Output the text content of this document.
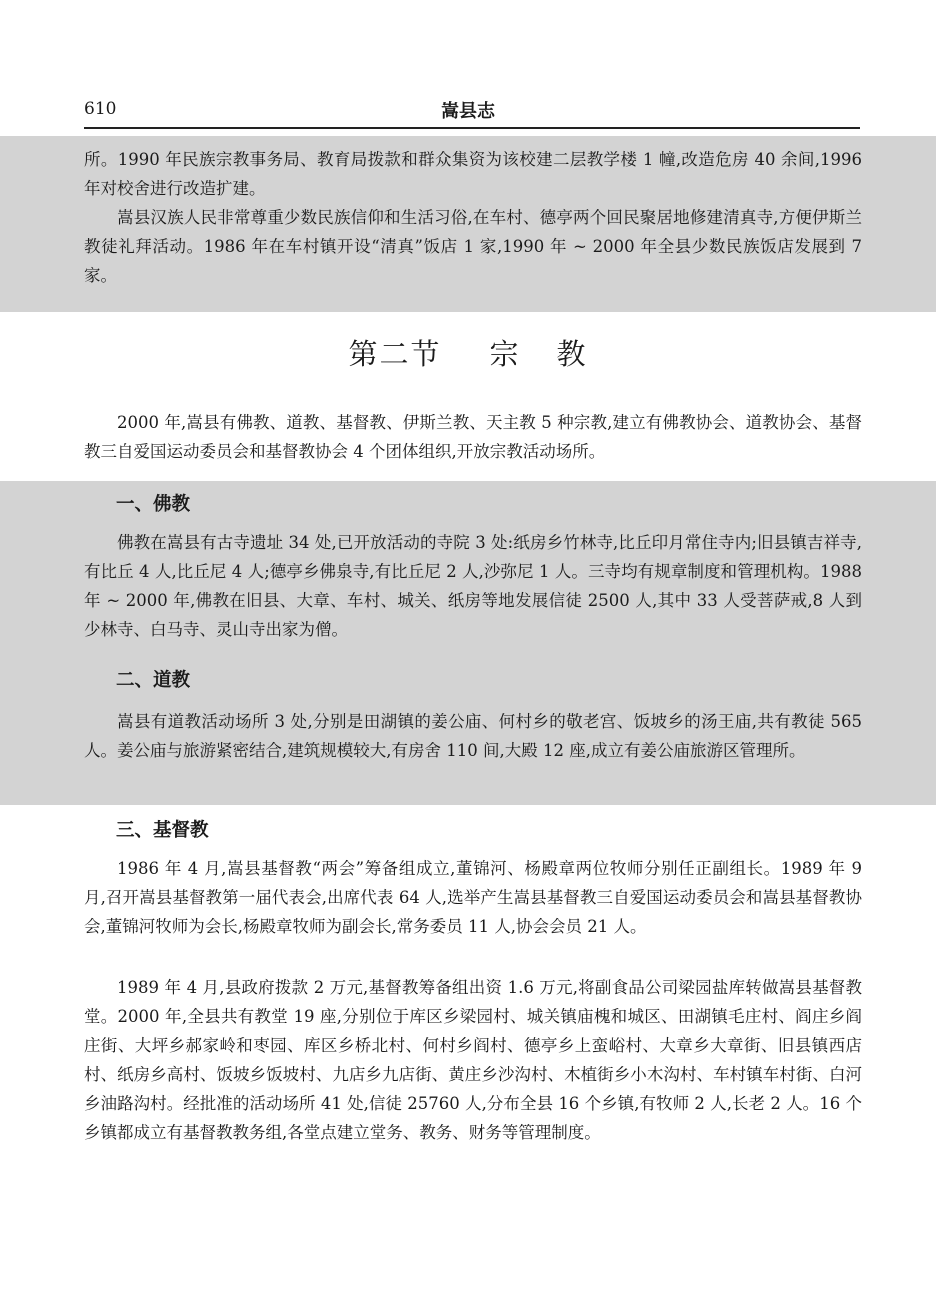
610	嵩县志

所。1990 年民族宗教事务局、教育局拨款和群众集资为该校建二层教学楼 1 幢,改造危房 40 余间,1996 年对校舍进行改造扩建。

嵩县汉族人民非常尊重少数民族信仰和生活习俗,在车村、德亭两个回民聚居地修建清真寺,方便伊斯兰教徒礼拜活动。1986 年在车村镇开设“清真”饭店 1 家,1990 年 ~ 2000 年全县少数民族饭店发展到 7 家。

第二节 宗 教

2000 年,嵩县有佛教、道教、基督教、伊斯兰教、天主教 5 种宗教,建立有佛教协会、道教协会、基督教三自爱国运动委员会和基督教协会 4 个团体组织,开放宗教活动场所。

一、佛教

佛教在嵩县有古寺遗址 34 处,已开放活动的寺院 3 处:纸房乡竹林寺,比丘印月常住寺内;旧县镇吉祥寺,有比丘 4 人,比丘尼 4 人;德亭乡佛泉寺,有比丘尼 2 人,沙弥尼 1 人。三寺均有规章制度和管理机构。1988 年 ~ 2000 年,佛教在旧县、大章、车村、城关、纸房等地发展信徒 2500 人,其中 33 人受菩萨戒,8 人到少林寺、白马寺、灵山寺出家为僧。

二、道教

嵩县有道教活动场所 3 处,分别是田湖镇的姜公庙、何村乡的敬老宫、饭坡乡的汤王庙,共有教徒 565 人。姜公庙与旅游紧密结合,建筑规模较大,有房舍 110 间,大殿 12 座,成立有姜公庙旅游区管理所。

三、基督教

1986 年 4 月,嵩县基督教“两会”筹备组成立,董锦河、杨殿章两位牧师分别任正副组长。1989 年 9 月,召开嵩县基督教第一届代表会,出席代表 64 人,选举产生嵩县基督教三自爱国运动委员会和嵩县基督教协会,董锦河牧师为会长,杨殿章牧师为副会长,常务委员 11 人,协会会员 21 人。

1989 年 4 月,县政府拨款 2 万元,基督教筹备组出资 1.6 万元,将副食品公司梁园盐库转做嵩县基督教堂。2000 年,全县共有教堂 19 座,分别位于库区乡梁园村、城关镇庙槐和城区、田湖镇毛庄村、阎庄乡阎庄街、大坪乡郝家岭和枣园、库区乡桥北村、何村乡阎村、德亭乡上蛮峪村、大章乡大章街、旧县镇西店村、纸房乡高村、饭坡乡饭坡村、九店乡九店街、黄庄乡沙沟村、木植街乡小木沟村、车村镇车村街、白河乡油路沟村。经批准的活动场所 41 处,信徒 25760 人,分布全县 16 个乡镇,有牧师 2 人,长老 2 人。16 个乡镇都成立有基督教教务组,各堂点建立堂务、教务、财务等管理制度。
